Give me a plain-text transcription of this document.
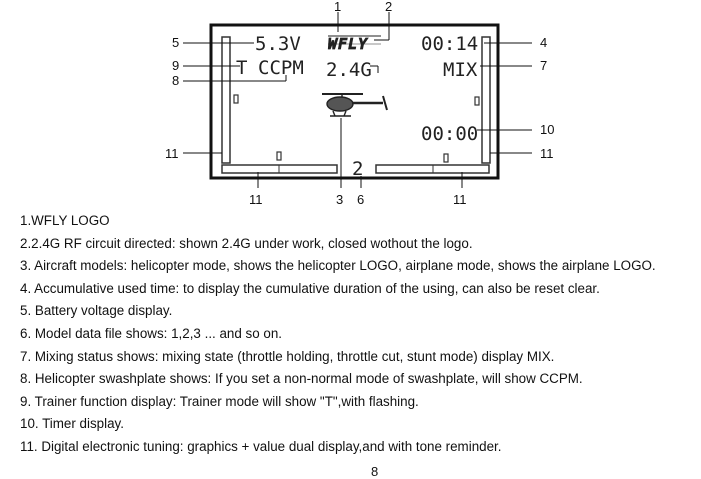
5.3V WFLY	00:14
T CCPM 2.4G	MIX
00:00
2
1	2
5	4
9	7
8
10
11	11
11	3 6	11
1.WFLY LOGO
2.2.4G RF circuit directed: shown 2.4G under work, closed wothout the logo.
3. Aircraft models: helicopter mode, shows the helicopter LOGO, airplane mode, shows the airplane LOGO.
4. Accumulative used time: to display the cumulative duration of the using, can also be reset clear.
5. Battery voltage display.
6. Model data file shows: 1,2,3 ... and so on.
7. Mixing status shows: mixing state (throttle holding, throttle cut, stunt mode) display MIX.
8. Helicopter swashplate shows: If you set a non-normal mode of swashplate, will show CCPM.
9. Trainer function display: Trainer mode will show "T",with flashing.
10. Timer display.
11. Digital electronic tuning: graphics + value dual display,and with tone reminder.
8
